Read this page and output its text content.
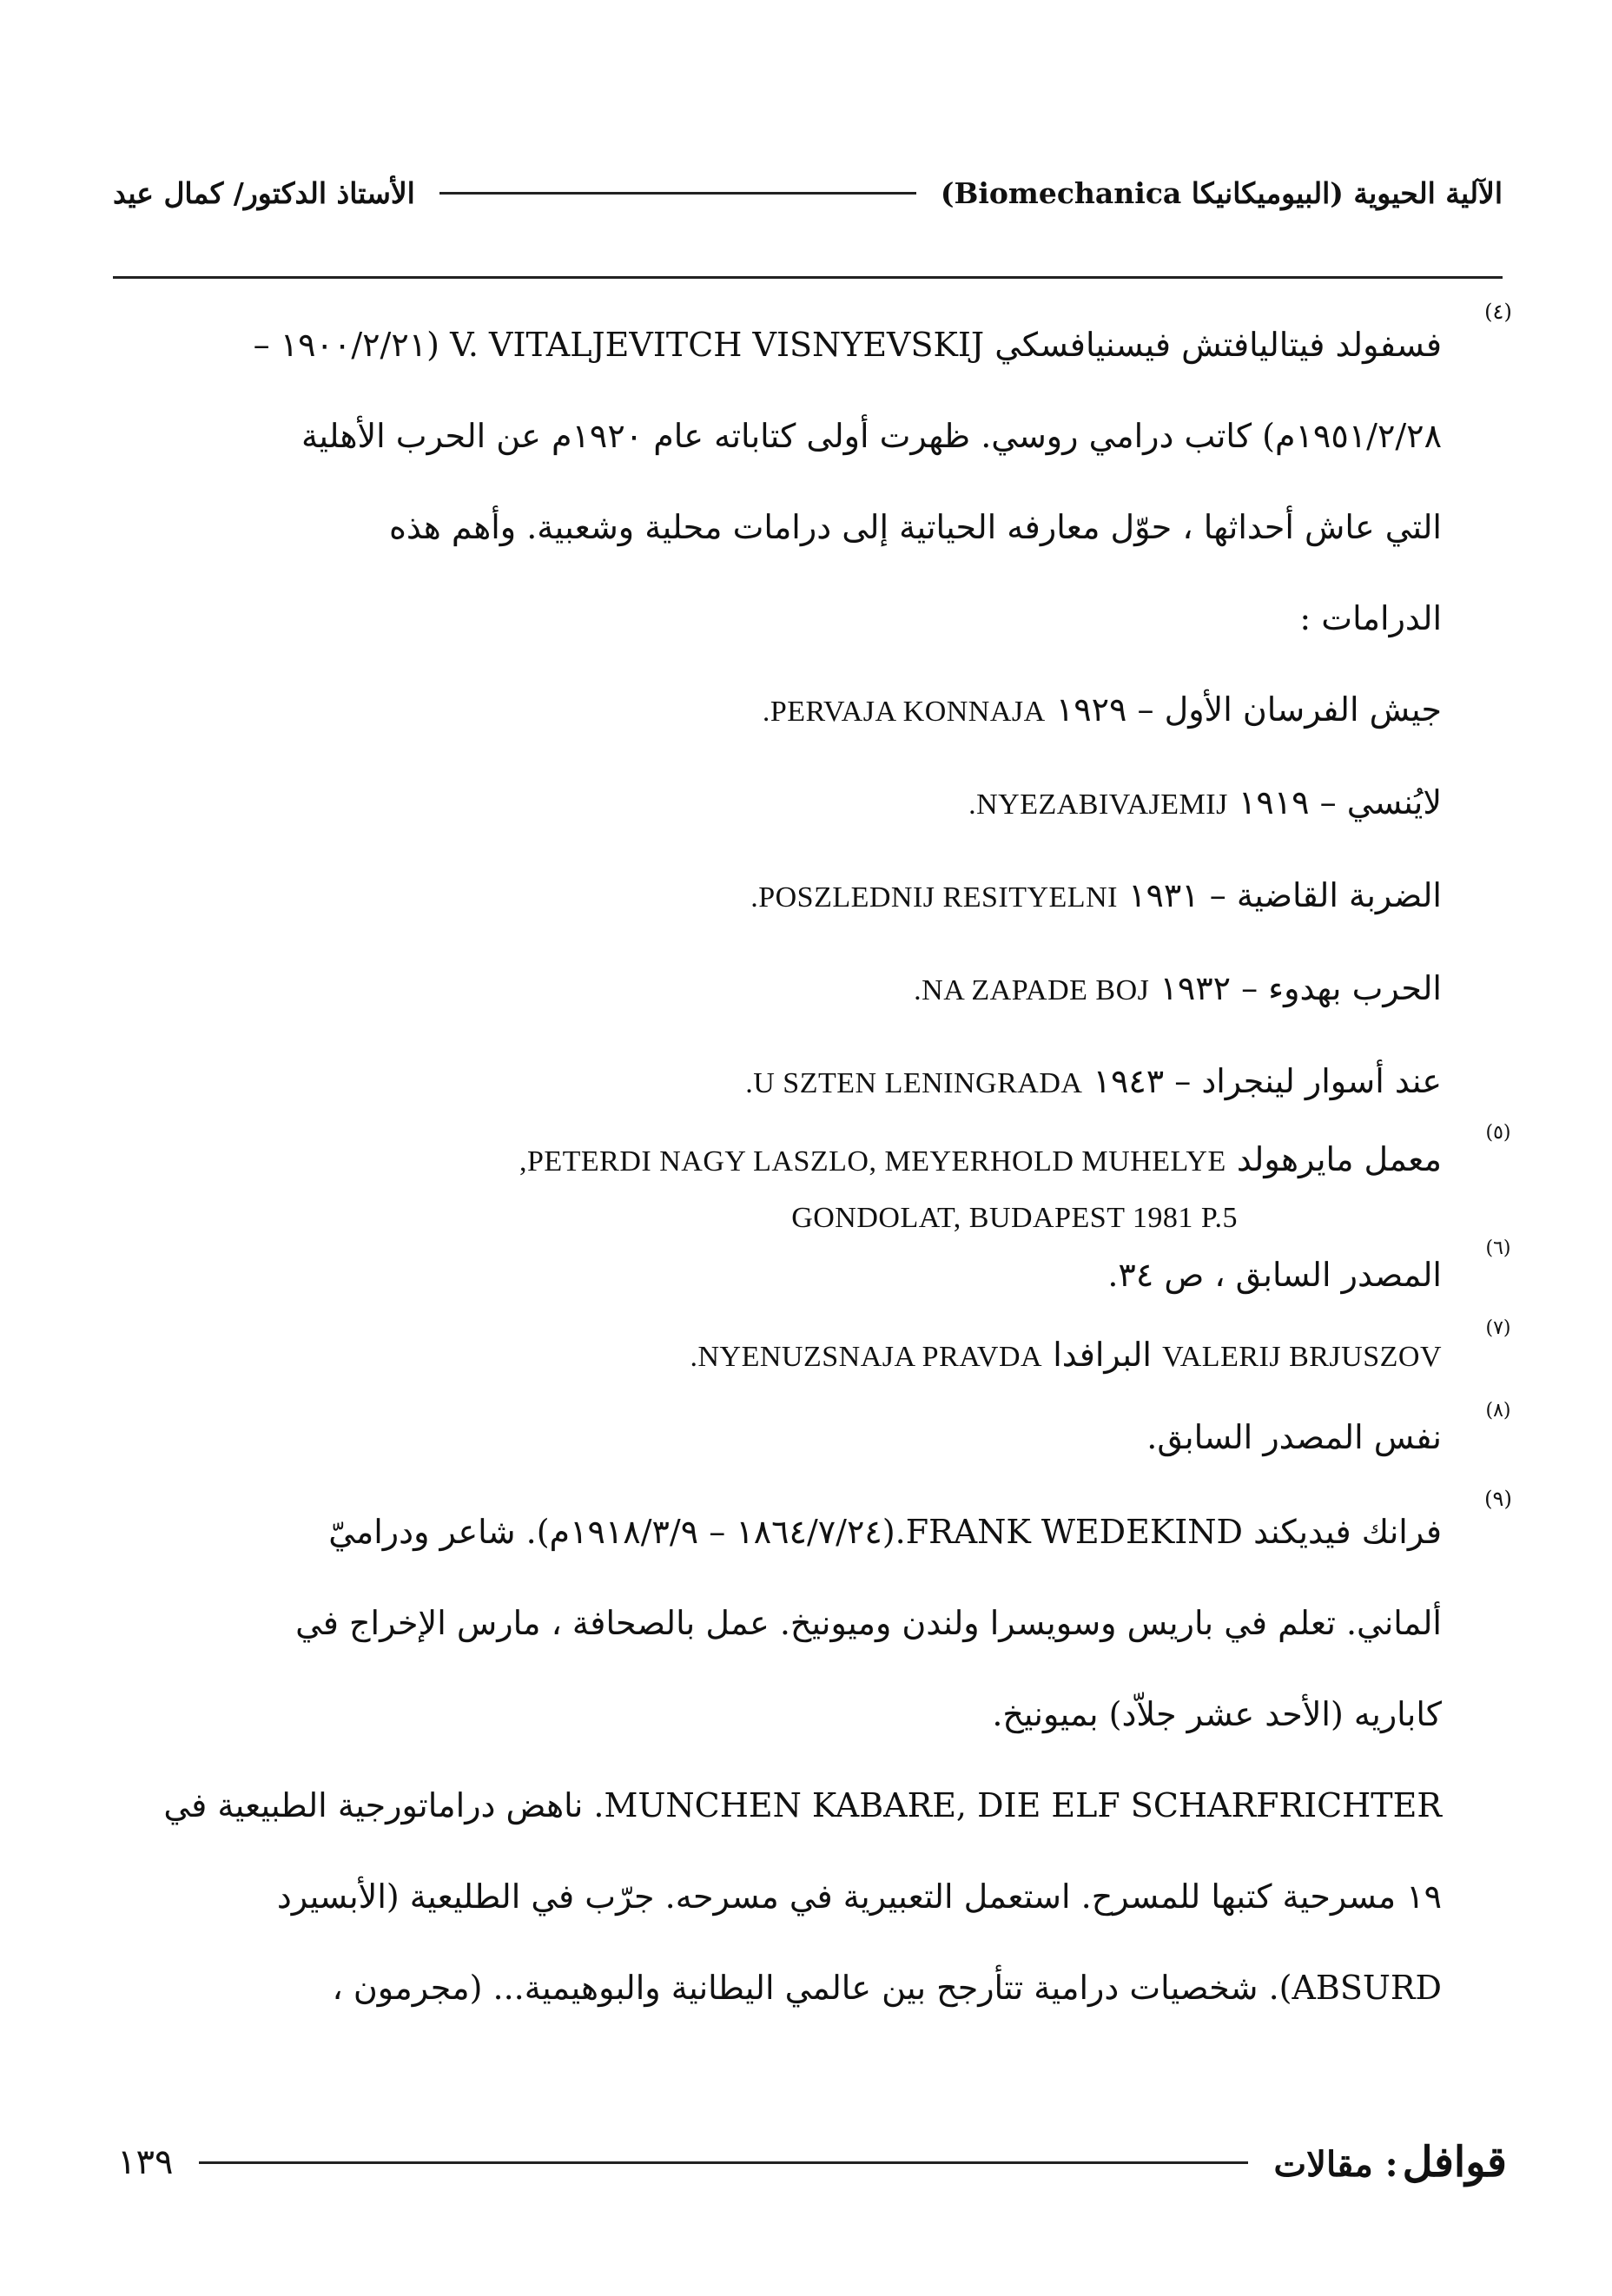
الآلية الحيوية (البيوميكانيكا Biomechanica)
الأستاذ الدكتور/ كمال عيد
(٤)
فسفولد فيتاليافتش فيسنيافسكي V. VITALJEVITCH VISNYEVSKIJ (١٩٠٠/٢/٢١ –
١٩٥١/٢/٢٨م) كاتب درامي روسي. ظهرت أولى كتاباته عام ١٩٢٠م عن الحرب الأهلية
التي عاش أحداثها ، حوّل معارفه الحياتية إلى درامات محلية وشعبية. وأهم هذه
الدرامات :
جيش الفرسان الأول – ١٩٢٩ PERVAJA KONNAJA.
لايُنسي – ١٩١٩ NYEZABIVAJEMIJ.
الضربة القاضية – ١٩٣١ POSZLEDNIJ RESITYELNI.
الحرب بهدوء – ١٩٣٢ NA ZAPADE BOJ.
عند أسوار لينجراد – ١٩٤٣ U SZTEN LENINGRADA.
(٥)
معمل مايرهولد PETERDI NAGY LASZLO, MEYERHOLD MUHELYE,
GONDOLAT, BUDAPEST 1981 P.5
(٦)
المصدر السابق ، ص ٣٤.
(٧)
VALERIJ BRJUSZOV البرافدا NYENUZSNAJA PRAVDA.
(٨)
نفس المصدر السابق.
(٩)
فرانك فيديكند FRANK WEDEKIND.(١٨٦٤/٧/٢٤ – ١٩١٨/٣/٩م). شاعر ودراميّ
ألماني. تعلم في باريس وسويسرا ولندن وميونيخ. عمل بالصحافة ، مارس الإخراج في
كاباريه (الأحد عشر جلاّد) بميونيخ.
MUNCHEN KABARE, DIE ELF SCHARFRICHTER. ناهض دراماتورجية الطبيعية في
١٩ مسرحية كتبها للمسرح. استعمل التعبيرية في مسرحه. جرّب في الطليعية (الأبسيرد
ABSURD). شخصيات درامية تتأرجح بين عالمي اليطانية والبوهيمية... (مجرمون ،
قوافل : مقالات
١٣٩
